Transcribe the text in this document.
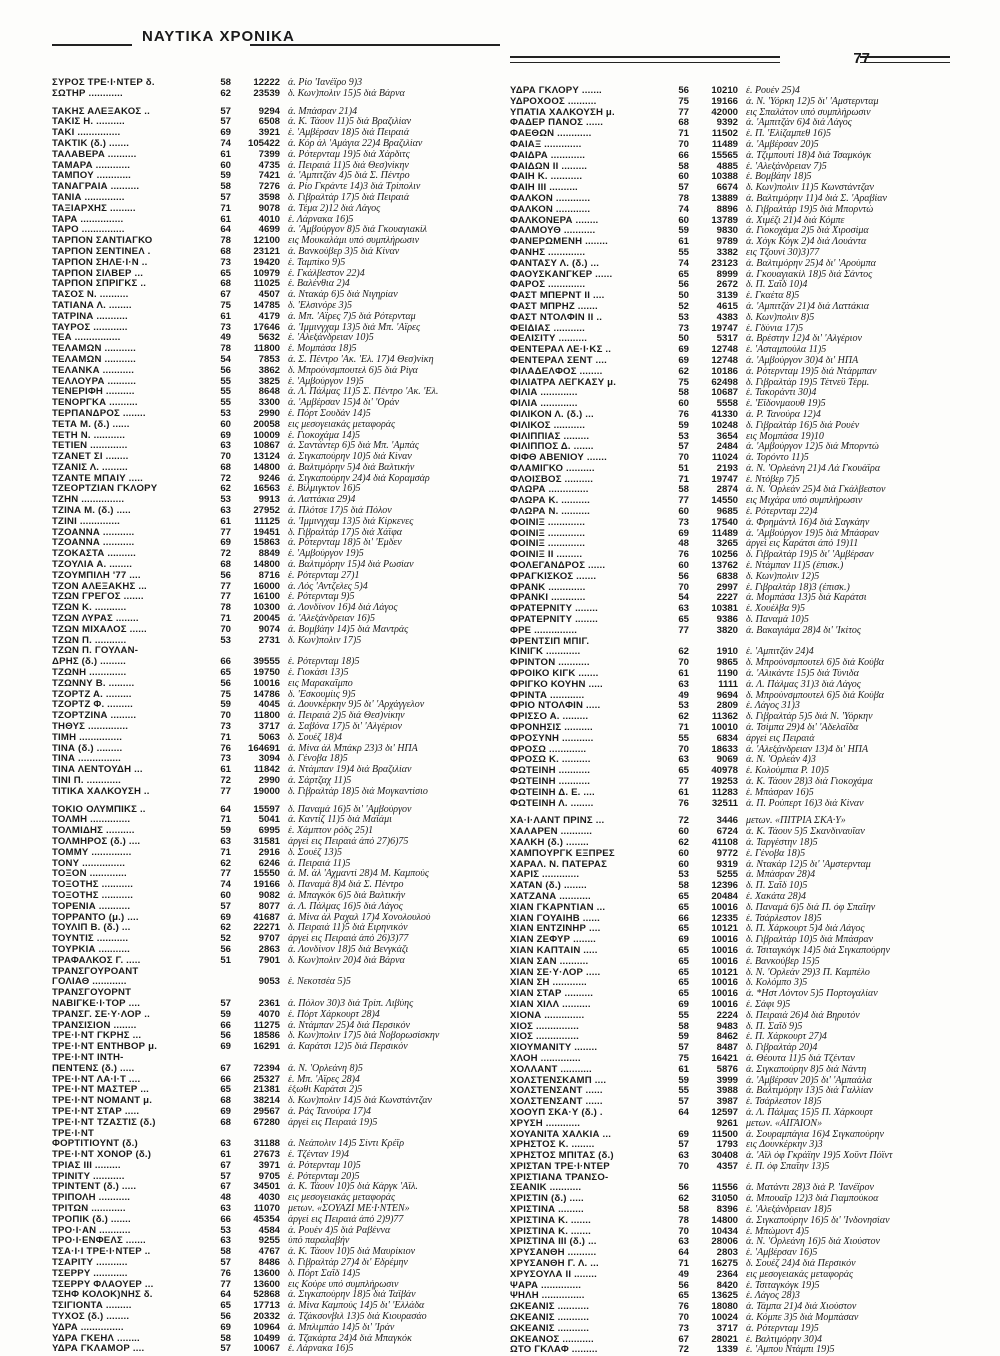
ΝΑΥΤΙΚΑ ΧΡΟΝΙΚΑ
77
ΣΥΡΟΣ ΤΡΕ·Ι·ΝΤΕΡ δ.	58	12222 ά. Ρίο 'Ιανέϊρο 9)3
ΣΩΤΗΡ ............	62	23539 δ. Κων)πολιν 15)5 διά Βάρνα
ΤΑΚΗΣ ΑΛΕΞΑΚΟΣ ..	57	9294 ά. Μπάσραν 21)4
ΤΑΚΙΣ Η. ..........	57	6508 ά. Κ. Τάουν 11)5 διά Βραζιλίαν
ΤΑΚΙ ...............	69	3921 έ. 'Αμβέρσαν 18)5 διά Πειραιά
ΤΑΚΤΙΚ (δ.) .......	74	105422 ά. Κόρ άλ 'Αμάγια 22)4 Βραζιλίαν
ΤΑΛΑΒΕΡΑ ..........	61	7399 ά. Ρότερνταμ 19)5 διά Χάρδιτς
ΤΑΜΑΡΑ ............	60	4735 ά. Πειραιά 11)5 διά Θεσ)νίκην
ΤΑΜΠΟΥ ............	59	7421 ά. 'Αμπιτζάν 4)5 διά Σ. Πέντρο
ΤΑΝΑΓΡΑΙΑ ..........	58	7276 ά. Ρίο Γκράντε 14)3 διά Τρίπολιν
ΤΑΝΙΑ ..............	57	3598 δ. Γιβραλτάρ 17)5 διά Πειραιά
ΤΑΞΙΑΡΧΗΣ .........	71	9078 ά. Τέμα 2)12 διά Λάγος
ΤΑΡΑ ...............	61	4010 έ. Λάρνακα 16)5
ΤΑΡΟ ...............	64	4699 ά. 'Αμβούργον 8)5 διά Γκουαγιακίλ
ΤΑΡΠΟΝ ΣΑΝΤΙΑΓΚΟ	78	12100 εις Μουκαλάμι υπό συμπλήρωσιν
ΤΑΡΠΟΝ ΣΕΝΤΙΝΕΛ .	68	23121 ά. Βανκούβερ 3)5 διά Κίναν
ΤΑΡΠΟΝ ΣΗΛΕ·Ι·Ν ..	73	19420 έ. Ταμπίκο 9)5
ΤΑΡΠΟΝ ΣΙΛΒΕΡ ...	65	10979 έ. Γκάλβεστον 22)4
ΤΑΡΠΟΝ ΣΠΡΙΓΚΣ ..	68	11025 έ. Βαλένθια 2)4
ΤΑΣΟΣ Ν. ..........	67	4507 ά. Ντακάρ 6)5 διά Νιγηρίαν
ΤΑΤΙΑΝΑ Λ. ........	75	14785 δ. 'Ελσινόρε 3)5
ΤΑΤΡΙΝΑ ...........	61	4179 ά. Μπ. 'Αϊρες 7)5 διά Ρότερνταμ
ΤΑΥΡΟΣ ............	73	17646 ά. 'Ιμμινγχαμ 13)5 διά Μπ. 'Αϊρες
ΤΕΑ ................	49	5632 έ. 'Αλεξάνδρειαν 10)5
ΤΕΛΑΜΩΝ ...........	78	11800 έ. Μομπάσα 18)5
ΤΕΛΑΜΩΝ ...........	54	7853 ά. Σ. Πέντρο 'Ακ. 'Ελ. 17)4 Θεσ)νίκη
ΤΕΛΑΝΚΑ ...........	56	3862 δ. Μπρούνσμπουτελ 6)5 διά Ρίγα
ΤΕΛΛΟΥΡΑ ..........	55	3825 έ. 'Αμβούργον 19)5
ΤΕΝΕΡΙΦΗ ..........	55	8648 ά. Λ. Πάλμας 11)5 Σ. Πέντρο 'Ακ. 'Ελ.
ΤΕΝΟΡΓΚΑ ..........	55	3300 ά. 'Αμβέρσαν 15)4 δι' 'Οράν
ΤΕΡΠΑΝΔΡΟΣ ........	53	2990 έ. Πόρτ Σουδάν 14)5
ΤΕΤΑ Μ. (δ.) ......	60	20058 εις μεσογειακάς μεταφοράς
ΤΕΤΗ Ν. ...........	69	10009 έ. Γιοκοχάμα 14)5
ΤΕΤΙΕΝ .............	63	10867 ά. Σαντάντερ 6)5 διά Μπ. 'Αμπάς
ΤΖΑΝΕΤ ΣΙ ........	70	13124 ά. Σιγκαπούρην 10)5 διά Κίναν
ΤΖΑΝΙΣ Λ. .........	68	14800 ά. Βαλτιμόρην 5)4 διά Βαλτικήν
ΤΖΑΝΤΕ ΜΠΑΪΥ .....	72	9246 ά. Σιγκαπούρην 24)4 διά Κοραμσάρ
ΤΖΕΟΡΤΖΙΑΝ ΓΚΛΟΡΥ	62	16563 έ. Βίλμιγκτον 16)5
ΤΖΗΝ ...............	53	9913 ά. Λαττάκια 29)4
ΤΖΙΝΑ Μ. (δ.) .....	63	27952 ά. Πλότσε 17)5 διά Πόλον
ΤΖΙΝΙ ..............	61	11125 ά. 'Ιμμινγχαμ 13)5 διά Κίρκενες
ΤΖΟΑΝΝΑ ...........	77	19451 δ. Γιβραλτάρ 17)5 διά Χάϊφα
ΤΖΟΑΝΝΑ ...........	69	15863 ά. Ρότερνταμ 18)5 δι' 'Εμδεν
ΤΖΟΚΑΣΤΑ ..........	72	8849 έ. 'Αμβούργον 19)5
ΤΖΟΥΛΙΑ Α. ........	68	14800 ά. Βαλτιμόρην 15)4 διά Ρωσίαν
ΤΖΟΥΜΠΙΛΗ '77 ....	56	8716 έ. Ρότερνταμ 27)1
ΤΖΟΝ ΑΛΕΞΑΚΗΣ ...	77	16000 ά. Λός 'Αντζελες 5)4
ΤΖΩΝ ΓΡΕΓΟΣ .......	77	16100 έ. Ρότερνταμ 9)5
ΤΖΩΝ Κ. ...........	78	10300 ά. Λονδίνον 16)4 διά Λάγος
ΤΖΩΝ ΛΥΡΑΣ ........	71	20045 ά. 'Αλεξάνδρειαν 16)5
ΤΖΩΝ ΜΙΧΑΛΟΣ ......	70	9074 ά. Βομβάην 14)5 διά Μαντράς
ΤΖΩΝ Π. ...........	53	2731 δ. Κων)πολιν 17)5
ΤΖΩΝ Π. ΓΟΥΛΑΝ-
ΔΡΗΣ (δ.) .........	66	39555 έ. Ρότερνταμ 18)5
ΤΖΩΝΗ .............	65	19750 έ. Γιοκάσι 13)5
ΤΖΩΝΝΥ Β. .........	56	10016 εις Μαρακαΐμπο
ΤΖΟΡΤΖ Α. .........	75	14786 δ. 'Εσκουμίις 9)5
ΤΖΟΡΤΖ Φ. .........	59	4045 ά. Δουνκέρκην 9)5 δι' 'Αρχάγγελον
ΤΖΟΡΤΖΙΝΑ .........	70	11800 ά. Πειραιά 2)5 διά Θεσ)νίκην
ΤΗΘΥΣ ..............	73	3717 ά. Σαβόνα 17)5 δι' 'Αλγέριον
ΤΙΜΗ ...............	71	5063 δ. Σουέζ 18)4
ΤΙΝΑ (δ.) .........	76	164691 ά. Μίνα άλ Μπάκρ 23)3 δι' ΗΠΑ
ΤΙΝΑ ...............	73	3094 δ. Γένοβα 18)5
ΤΙΝΑ ΛΕΝΤΟΥΔΗ ...	61	11842 ά. Ντάμπαν 19)4 διά Βραζιλίαν
ΤΙΝΙ Π. ............	72	2990 ά. Σάρτζαχ 11)5
ΤΙΤΙΚΑ ΧΑΛΚΟΥΣΗ ..	77	19000 δ. Γιβραλτάρ 18)5 διά Μογκαντίσιο
ΤΟΚΙΟ ΟΛΥΜΠΙΚΣ ..	64	15597 δ. Παναμά 16)5 δι' 'Αμβούργον
ΤΟΛΜΗ ..............	71	5041 ά. Καντίζ 11)5 διά Μαϊάμι
ΤΟΛΜΙΔΗΣ ..........	59	6995 έ. Χάμπτον ρόδς 25)1
ΤΟΛΜΗΡΟΣ (δ.) ....	63	31581 άργεί εις Πειραιά άπό 27)6)75
ΤΟΜΜΥ ..............	71	2916 δ. Σουέζ 13)5
ΤΟΝΥ ...............	62	6246 ά. Πειραιά 11)5
ΤΟΞΟΝ .............	77	15550 ά. Μ. άλ 'Αχμαντί 28)4 Μ. Καμπούς
ΤΟΞΟΤΗΣ ...........	74	19166 δ. Παναμά 8)4 διά Σ. Πέντρο
ΤΟΞΟΤΗΣ ...........	60	9082 ά. Μπαγκόκ 6)5 διά Βαλτικήν
ΤΟΡΕΝΙΑ ...........	57	8077 ά. Λ. Πάλμας 16)5 διά Λάγος
ΤΟΡΡΑΝΤΟ (μ.) ....	69	41687 ά. Μίνα άλ Ραχαλ 17)4 Χονολουλού
ΤΟΥΛΙΠ Β. (δ.) ...	62	22271 δ. Πειραιά 11)5 διά Ειρηνικόν
ΤΟΥΝΤΙΣ ...........	52	9707 άργεί εις Πειραιά άπό 26)3)77
ΤΟΥΡΚΙΑ ...........	56	2863 ά. Λονδίνον 18)5 διά Βενγκάζι
ΤΡΑΦΑΛΚΟΣ Γ. .....	51	7901 δ. Κων)πολιν 20)4 διά Βάρνα
ΤΡΑΝΣΓΟΥΡΟΑΝΤ
ΓΟΛΙΑΘ ............	9053 έ. Νεκοτσέα 5)5
ΤΡΑΝΣΓΟΥΟΡΝΤ
ΝΑΒΙΓΚΕ·Ι·ΤΟΡ ....	57	2361 ά. Πόλον 30)3 διά Τρίπ. Λιβύης
ΤΡΑΝΣΓ. ΣΕ·Υ·ΛΟΡ ..	59	4070 έ. Πόρτ Χάρκουρτ 28)4
ΤΡΑΝΣΙΣΙΟΝ ........	66	11275 ά. Ντάμπαν 25)4 διά Περσικόν
ΤΡΕ·Ι·ΝΤ ΓΚΡΗΣ ...	56	18586 δ. Κων)πολιν 17)5 διά Νοβορωσίσκην
ΤΡΕ·Ι·ΝΤ ΕΝΤΗΒΟΡ μ.	69	16291 ά. Καράτσι 12)5 διά Περσικόν
ΤΡΕ·Ι·ΝΤ ΙΝΤΗ-
ΠΕΝΤΕΝΣ (δ.) .....	67	72394 ά. Ν. 'Ορλεάνη 8)5
ΤΡΕ·Ι·ΝΤ ΛΑ·Ι·Τ ....	66	25327 έ. Μπ. 'Αϊρες 28)4
ΤΡΕ·Ι·ΝΤ ΜΑΣΤΕΡ ...	65	21381 έξωθι Καράτσι 2)5
ΤΡΕ·Ι·ΝΤ ΝΟΜΑΝΤ μ.	68	38214 δ. Κων)πολιν 14)5 διά Κωνστάντζαν
ΤΡΕ·Ι·ΝΤ ΣΤΑΡ .....	69	29567 ά. Ράς Τανούρα 17)4
ΤΡΕ·Ι·ΝΤ ΤΖΑΣΤΙΣ (δ.)	68	67280 άργεί εις Πειραιά 19)5
ΤΡΕ·Ι·ΝΤ
ΦΟΡΤΙΤΙΟΥΝΤ (δ.)	63	31188 ά. Νεάπολιν 14)5 Σίντι Κρέϊρ
ΤΡΕ·Ι·ΝΤ ΧΟΝΟΡ (δ.)	61	27673 έ. Τζένταν 19)4
ΤΡΙΑΣ ΙΙΙ .........	67	3971 ά. Ρότερνταμ 10)5
ΤΡΙΝΙΤΥ ...........	57	9705 έ. Ρότερνταμ 20)5
ΤΡΙΝΤΕΝΤ (δ.) .....	67	34501 ά. Κ. Τάουν 10)5 διά Κάργκ 'Αϊλ.
ΤΡΙΠΟΛΗ ...........	48	4030 εις μεσογειακάς μεταφοράς
ΤΡΙΤΩΝ ............	63	11070 μετων. «ΣΟΥΑΖΙ ΜΕ·Ι·ΝΤΕΝ»
ΤΡΟΠΙΚ (δ.) .......	66	45354 άργεί εις Πειραιά άπό 2)9)77
ΤΡΟ·Ι·ΑΝ ...........	53	4584 ά. Ρουέν 4)5 διά Ραβέννα
ΤΡΟ·Ι·ΕΝΦΕΛΣ .......	63	9255 ύπό παραλαβήν
ΤΣΑ·Ι·Ι ΤΡΕ·Ι·ΝΤΕΡ ..	58	4767 ά. Κ. Τάουν 10)5 διά Μαυρίκιον
ΤΣΑΡΙΤΥ ...........	57	8486 δ. Γιβραλτάρ 27)4 δι' Εδρέμην
ΤΣΕΡΡΥ ............	76	13600 δ. Πόρτ Σαΐδ 14)5
ΤΣΕΡΡΥ ΦΛΑΟΥΕΡ ...	77	13600 εις Κούρε υπό συμπλήρωσιν
ΤΣΗΦ ΚΟΛΟΚ)ΝΗΣ δ.	64	52868 ά. Σιγκαπούρην 18)5 διά Ταϊβάν
ΤΣΙΓΙΟΝΤΑ .........	65	17713 ά. Μίνα Καμπούς 14)5 δι' 'Ελλάδα
ΤΥΧΟΣ (δ.) ........	56	20332 ά. Τζάκσονβιλ 13)5 διά Κιουρασάο
ΥΔΡΑ ...............	69	10964 ά. Μπλιμπάο 14)5 δι' 'Ιράν
ΥΔΡΑ ΓΚΕΗΛ ........	58	10499 ά. Τζακάρτα 24)4 διά Μπαγκόκ
ΥΔΡΑ ΓΚΛΑΜΟΡ ....	57	10067 έ. Λάρνακα 16)5
ΥΔΡΑ ΓΚΛΟΡΥ .......	56	10210 έ. Ρουέν 25)4
ΥΔΡΟΧΟΟΣ ..........	75	19166 ά. Ν. 'Υόρκη 12)5 δι' 'Αμστερνταμ
ΥΠΑΤΙΑ ΧΑΛΚΟΥΣΗ μ.	77	42000 εις Σπαλάτον υπό συμπλήρωσιν
ΦΑΔΕΡ ΠΑΝΟΣ ......	68	9392 ά. 'Αμπιτζάν 6)4 διά Λάγος
ΦΑΕΘΩΝ ............	71	11502 έ. Π. 'Ελίζαμπεθ 16)5
ΦΑΙΑΞ .............	70	11489 ά. 'Αμβέρσαν 20)5
ΦΑΙΔΡΑ ............	66	15565 ά. Τζιμπουτί 18)4 διά Τσαμκόγκ
ΦΑΙΔΩΝ ΙΙ .........	58	4885 έ. 'Αλεξάνδρειαν 7)5
ΦΑΙΗ Κ. ...........	60	10388 έ. Βομβάην 18)5
ΦΑΙΗ ΙΙΙ ..........	57	6674 δ. Κων)πολιν 11)5 Κωνστάντζαν
ΦΑΛΚΟΝ ............	78	13889 ά. Βαλτιμόρην 11)4 διά Σ. 'Αραβίαν
ΦΑΛΚΟΝ ............	74	8896 δ. Γιβραλτάρ 19)5 διά Μπορντώ
ΦΑΛΚΟΝΕΡΑ ........	60	13789 ά. Χιμέζι 21)4 διά Κόμπε
ΦΑΛΜΟΥΘ ...........	59	9830 ά. Γιοκοχάμα 2)5 διά Χιροσίμα
ΦΑΝΕΡΩΜΕΝΗ ........	61	9789 ά. Χόγκ Κόγκ 2)4 διά Λουάντα
ΦΑΝΗΣ .............	55	3382 εις Τζουνί 30)3)77
ΦΑΝΤΑΣΥ Λ. (δ.) ...	74	23123 ά. Βαλτιμόρην 25)4 δι' 'Αρούμπα
ΦΑΟΥΣΚΑΝΓΚΕΡ ......	65	8999 ά. Γκουαγιακίλ 18)5 διά Σάντος
ΦΑΡΟΣ .............	56	2672 δ. Π. Σαΐδ 10)4
ΦΑΣΤ ΜΠΕΡΝΤ ΙΙ ....	50	3139 έ. Γκαέτα 8)5
ΦΑΣΤ ΜΠΡΗΖ .......	52	4615 ά. 'Αμπιτζάν 21)4 διά Λαττάκια
ΦΑΣΤ ΝΤΟΛΦΙΝ ΙΙ ..	53	4383 δ. Κων)πολιν 8)5
ΦΕΙΔΙΑΣ ...........	73	19747 έ. Γδύνια 17)5
ΦΕΛΙΣΙΤΥ ..........	50	5317 ά. Βρέστην 12)4 δι' 'Αλγέριον
ΦΕΝΤΕΡΑΛ ΛΕ·Ι·ΚΣ ..	69	12748 έ. 'Ασταμπούλα 11)5
ΦΕΝΤΕΡΑΛ ΣΕΝΤ ....	69	12748 ά. 'Αμβούργον 30)4 δι' ΗΠΑ
ΦΙΛΑΔΕΛΦΟΣ ........	62	10186 ά. Ρότερνταμ 19)5 διά Ντάρμπαν
ΦΙΛΙΑΤΡΑ ΛΕΓΚΑΣΥ μ.	75	62498 δ. Γιβραλτάρ 19)5 Τέτνεϋ Τέρμ.
ΦΙΛΙΑ .............	58	10687 έ. Τακοράντι 30)4
ΦΙΛΙΑ .............	60	5558 έ. 'Εϊδονμαουθ 19)5
ΦΙΛΙΚΟΝ Λ. (δ.) ...	76	41330 ά. Ρ. Τανούρα 12)4
ΦΙΛΙΚΟΣ ...........	59	10248 δ. Γιβραλτάρ 16)5 διά Ρουέν
ΦΙΛΙΠΠΙΑΣ .........	53	3654 εις Μομπάσα 19)10
ΦΙΛΙΠΠΟΣ Δ. .......	57	2484 ά. 'Αμβούργον 12)5 διά Μπορντώ
ΦΙΦΘ ΑΒΕΝΙΟΥ .......	70	11024 ά. Τορόντο 11)5
ΦΛΑΜΙΓΚΟ ..........	51	2193 ά. Ν. 'Ορλεάνη 21)4 Λά Γκουάϊρα
ΦΛΟΙΣΒΟΣ ..........	71	19747 έ. Ντόβερ 7)5
ΦΛΩΡΑ ..............	58	2874 ά. Ν. 'Ορλεάν 25)4 διά Γκάλβεστον
ΦΛΩΡΑ Κ. ..........	77	14550 εις Μιχάρα υπό συμπλήρωσιν
ΦΛΩΡΑ Ν. ..........	60	9685 έ. Ρότερνταμ 22)4
ΦΟΙΝΙΞ .............	73	17540 ά. Φρημάντλ 16)4 διά Σαγκάην
ΦΟΙΝΙΞ .............	69	11489 ά. 'Αμβούργον 19)5 διά Μπάσραν
ΦΟΙΝΙΞ .............	48	3265 άργεί εις Καράτσι άπό 19)11
ΦΟΙΝΙΞ ΙΙ .........	76	10256 δ. Γιβραλτάρ 19)5 δι' 'Αμβέρσαν
ΦΟΛΕΓΑΝΔΡΟΣ ......	60	13762 έ. Ντάμπαν 11)5 (έπισκ.)
ΦΡΑΓΚΙΣΚΟΣ .......	56	6838 δ. Κων)πολιν 12)5
ΦΡΑΝΚ .............	70	2997 έ. Γιβραλτάρ 18)3 (έπισκ.)
ΦΡΑΝΚΙ ............	54	2227 ά. Μομπάσα 13)5 διά Καράτσι
ΦΡΑΤΕΡΝΙΤΥ ........	63	10381 έ. Χουέλβα 9)5
ΦΡΑΤΕΡΝΙΤΥ ........	65	9386 δ. Παναμά 10)5
ΦΡΕ ...............	77	3820 ά. Βακαγιάμα 28)4 δι' 'Ικίτος
ΦΡΕΝΤΣΙΠ ΜΠΙΓ.
ΚΙΝΙΓΚ ............	62	1910 έ. 'Αμπιτζάν 24)4
ΦΡΙΝΤΟΝ ...........	70	9865 δ. Μπρούνσμπουτελ 6)5 διά Κούβα
ΦΡΟΙΚΟ ΚΙΓΚ .......	61	1190 ά. 'Αλικάντε 15)5 διά Τύνιδα
ΦΡΙΓΚΟ ΚΟΥΗΝ .....	63	1111 ά. Λ. Πάλμας 31)3 διά Λάγος
ΦΡΙΝΤΑ ............	49	9694 δ. Μπρούνσμπουτελ 6)5 διά Κούβα
ΦΡΙΟ ΝΤΟΛΦΙΝ .....	53	2809 έ. Λάγος 31)3
ΦΡΙΣΣΟ Α. .........	62	11362 δ. Γιβραλτάρ 5)5 διά Ν. 'Υόρκην
ΦΡΟΝΗΣΙΣ ..........	71	10010 ά. Τσίμπα 29)4 δι' 'Αδελαΐδα
ΦΡΟΣΥΝΗ ...........	55	6834 άργεί εις Πειραιά
ΦΡΟΣΩ .............	70	18633 ά. 'Αλεξάνδρειαν 13)4 δι' ΗΠΑ
ΦΡΟΣΩ Κ. ..........	63	9069 ά. Ν. 'Ορλεάν 4)3
ΦΩΤΕΙΝΗ ...........	65	40978 έ. Κολούμπια Ρ. 10)5
ΦΩΤΕΙΝΗ ...........	77	19253 ά. Κ. Τάουν 28)3 διά Γιοκοχάμα
ΦΩΤΕΙΝΗ Δ. Ε. ....	61	11283 έ. Μπάσραν 16)5
ΦΩΤΕΙΝΗ Λ. ........	76	32511 ά. Π. Ρούπερτ 16)3 διά Κίναν
ΧΑ·Ι·ΛΑΝΤ ΠΡΙΝΣ ...	72	3446 μετων. «ΠΙΤΡΙΑ ΣΚΑ·Υ»
ΧΑΛΑΡΕΝ ...........	60	6724 ά. Κ. Τάουν 5)5 Σκανδιναυΐαν
ΧΑΛΚΗ (δ.) ........	62	41108 ά. Ταργέστην 18)5
ΧΑΜΠΟΥΡΓΚ ΕΞΠΡΕΣ	60	9772 έ. Γένοβα 18)5
ΧΑΡΑΛ. Ν. ΠΑΤΕΡΑΣ	60	9319 ά. Ντακάρ 12)5 δι' 'Αμστερνταμ
ΧΑΡΙΣ .............	53	5255 ά. Μπάσραν 28)4
ΧΑΤΑΝ (δ.) ........	58	12396 δ. Π. Σαΐδ 10)5
ΧΑΤΖΑΝΑ ...........	65	20484 έ. Χακάτα 28)4
ΧΙΑΝ ΓΚΑΡΝΤΙΑΝ ...	65	10016 δ. Παναμά 6)5 διά Π. όφ Σπαΐην
ΧΙΑΝ ΓΟΥΑΙΗΒ ......	66	12335 έ. Τσάρλεστον 18)5
ΧΙΑΝ ΕΝΤΖΙΝΗΡ ....	65	10121 δ. Π. Χάρκουρτ 5)4 διά Λάγος
ΧΙΑΝ ΖΕΦΥΡ ........	69	10016 δ. Γιβραλτάρ 10)5 διά Μπάσραν
ΧΙΑΝ ΚΑΠΤΑΙΝ .....	65	10016 ά. Τσιταγκόγκ 14)5 διά Σιγκαπούρην
ΧΙΑΝ ΣΑΝ ..........	65	10016 έ. Βανκούβερ 15)5
ΧΙΑΝ ΣΕ·Υ·ΛΟΡ .....	65	10121 δ. Ν. 'Ορλεάν 29)3 Π. Καμπέλο
ΧΙΑΝ ΣΗ ............	65	10016 δ. Κολόμπο 3)5
ΧΙΑΝ ΣΤΑΡ ..........	65	10016 ά. *Ηστ Λόντον 5)5 Πορτογαλίαν
ΧΙΑΝ ΧΙΛΛ ..........	69	10016 έ. Σάφι 9)5
ΧΙΟΝΑ ..............	55	2224 δ. Πειραιά 26)4 διά Βηρυτόν
ΧΙΟΣ ...............	58	9483 δ. Π. Σαΐδ 9)5
ΧΙΟΣ ...............	59	8462 έ. Π. Χάρκουρτ 27)4
ΧΙΟΥΜΑΝΙΤΥ ........	57	8487 δ. Γιβραλτάρ 20)4
ΧΛΟΗ ..............	75	16421 ά. Θέουτα 11)5 διά Τζένταν
ΧΟΛΛΑΝΤ ...........	61	5876 ά. Σιγκαπούρην 8)5 διά Νάντη
ΧΟΛΣΤΕΝΣΚΑΜΠ ....	59	3999 ά. 'Αμβέρσαν 20)5 δι' 'Αμπαάλα
ΧΟΛΣΤΕΝΣΑΝΤ ......	55	3988 ά. Βαλτιμόρην 13)5 διά Γαλλίαν
ΧΟΛΣΤΕΝΣΑΝΤ ......	57	3987 έ. Τσάρλεστον 18)5
ΧΟΟΥΠ ΣΚΑ·Υ (δ.) .	64	12597 ά. Λ. Πάλμας 15)5 Π. Χάρκουρτ
ΧΡΥΣΗ ............	9261 μετων. «ΑΙΓΑΙΟΝ»
ΧΟΥΑΝΙΤΑ ΧΑΛΚΙΑ ...	69	11500 ά. Σουραμπάγια 16)4 Σιγκαπούρην
ΧΡΗΣΤΟΣ Κ. ........	57	1793 εις Δουνκέρκην 3)3
ΧΡΗΣΤΟΣ ΜΠΙΤΑΣ (δ.)	63	30408 ά. 'Αϊλ όφ Γκράϊην 19)5 Χοϋντ Πόϊντ
ΧΡΙΣΤΑΝ ΤΡΕ·Ι·ΝΤΕΡ	70	4357 έ. Π. όφ Σπαΐην 13)5
ΧΡΙΣΤΙΑΝΑ ΤΡΑΝΣΟ-
ΣΕΑΝΙΚ ...........	56	11556 ά. Ματάντι 28)3 διά Ρ. 'Ιανέϊρον
ΧΡΙΣΤΙΝ (δ.) .....	62	31050 ά. Μπουαϊρ 12)3 διά Γιαμπούκοα
ΧΡΙΣΤΙΝΑ .........	58	8396 έ. 'Αλεξάνδρειαν 18)5
ΧΡΙΣΤΙΝΑ Κ. .......	78	14800 ά. Σιγκαπούρην 16)5 δι' 'Ινδονησίαν
ΧΡΙΣΤΙΝΑ Κ. .......	70	10434 έ. Μπώμοντ 4)5
ΧΡΙΣΤΙΝΑ ΙΙΙ (δ.) ...	63	28006 ά. Ν. 'Ορλεάνη 16)5 διά Χιούστον
ΧΡΥΣΑΝΘΗ ..........	64	2803 έ. 'Αμβέρσαν 16)5
ΧΡΥΣΑΝΘΗ Γ. Λ. ...	71	16275 δ. Σουέζ 24)4 διά Περσικόν
ΧΡΥΣΟΥΛΑ ΙΙ ........	49	2364 εις μεσογειακάς μεταφοράς
ΨΑΡΑ ..............	56	8420 έ. Τσιταγκόγκ 19)5
ΨΗΛΗ ...............	65	13625 έ. Λάγος 28)3
ΩΚΕΑΝΙΣ ...........	76	18080 ά. Τάμπα 21)4 διά Χιούστον
ΩΚΕΑΝΙΣ ...........	70	10024 ά. Κόμπε 3)5 διά Μομπάσαν
ΩΚΕΑΝΙΣ ...........	73	3717 ά. Ρότερνταμ 19)5
ΩΚΕΑΝΟΣ ...........	67	28021 έ. Βαλτιμόρην 30)4
ΩΤΟ ΓΚΛΑΦ .........	72	1339 έ. 'Αμπου Ντάμπι 19)5
